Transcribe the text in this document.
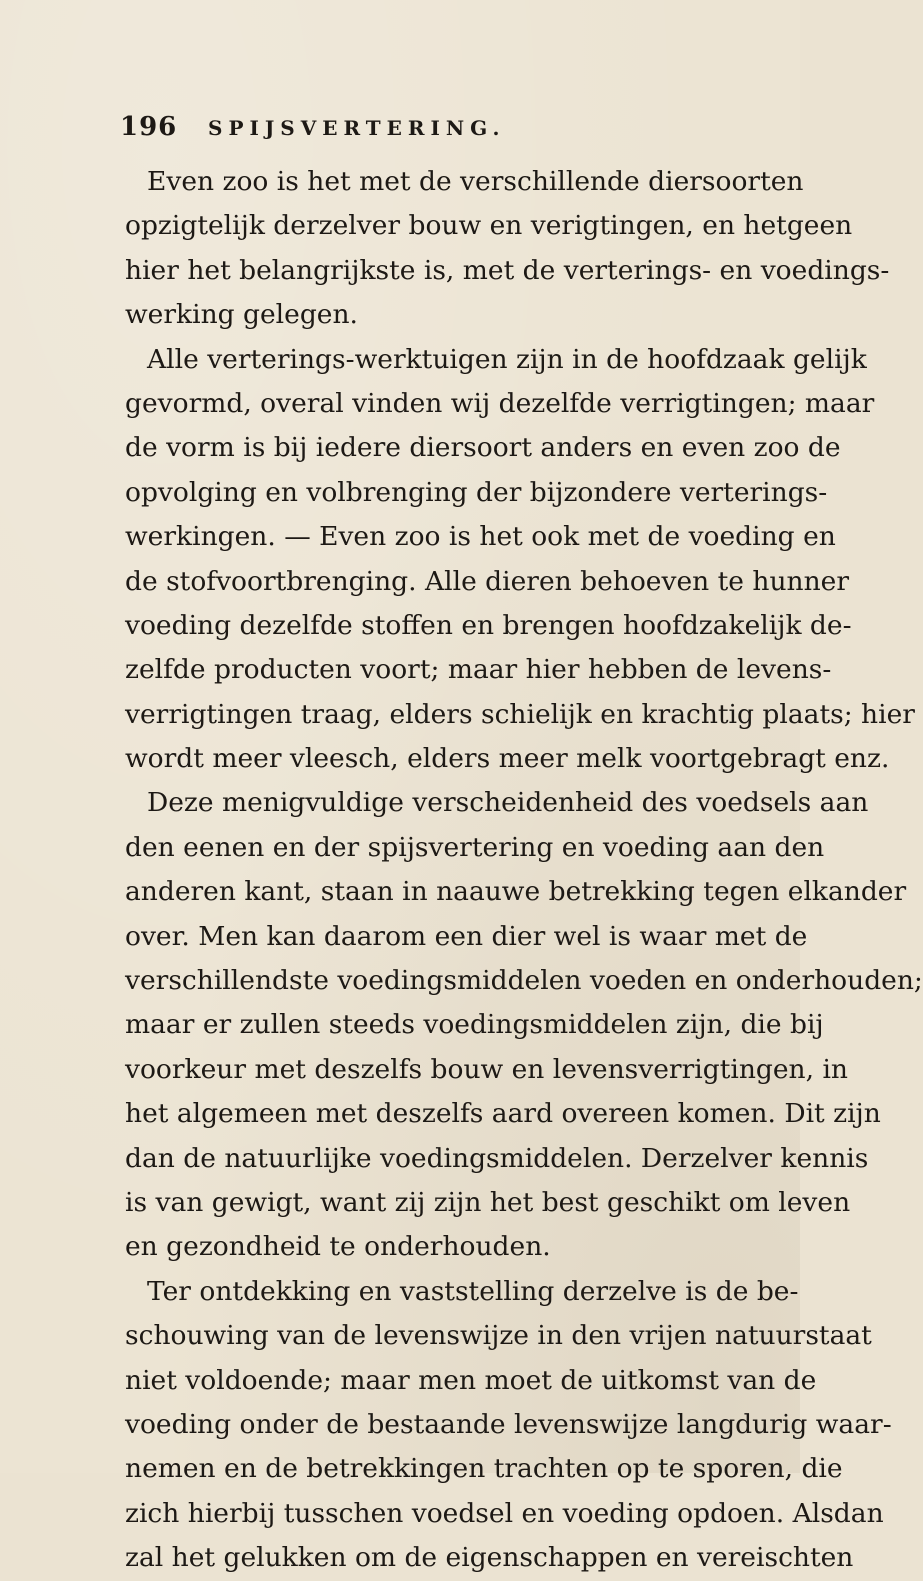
196 SPIJSVERTERING.
Even zoo is het met de verschillende diersoorten
opzigtelijk derzelver bouw en verigtingen, en hetgeen
hier het belangrijkste is, met de verterings- en voedings-
werking gelegen.
Alle verterings-werktuigen zijn in de hoofdzaak gelijk
gevormd, overal vinden wij dezelfde verrigtingen; maar
de vorm is bij iedere diersoort anders en even zoo de
opvolging en volbrenging der bijzondere verterings-
werkingen. — Even zoo is het ook met de voeding en
de stofvoortbrenging. Alle dieren behoeven te hunner
voeding dezelfde stoffen en brengen hoofdzakelijk de-
zelfde producten voort; maar hier hebben de levens-
verrigtingen traag, elders schielijk en krachtig plaats; hier
wordt meer vleesch, elders meer melk voortgebragt enz.
Deze menigvuldige verscheidenheid des voedsels aan
den eenen en der spijsvertering en voeding aan den
anderen kant, staan in naauwe betrekking tegen elkander
over. Men kan daarom een dier wel is waar met de
verschillendste voedingsmiddelen voeden en onderhouden;
maar er zullen steeds voedingsmiddelen zijn, die bij
voorkeur met deszelfs bouw en levensverrigtingen, in
het algemeen met deszelfs aard overeen komen. Dit zijn
dan de natuurlijke voedingsmiddelen. Derzelver kennis
is van gewigt, want zij zijn het best geschikt om leven
en gezondheid te onderhouden.
Ter ontdekking en vaststelling derzelve is de be-
schouwing van de levenswijze in den vrijen natuurstaat
niet voldoende; maar men moet de uitkomst van de
voeding onder de bestaande levenswijze langdurig waar-
nemen en de betrekkingen trachten op te sporen, die
zich hierbij tusschen voedsel en voeding opdoen. Alsdan
zal het gelukken om de eigenschappen en vereischten
